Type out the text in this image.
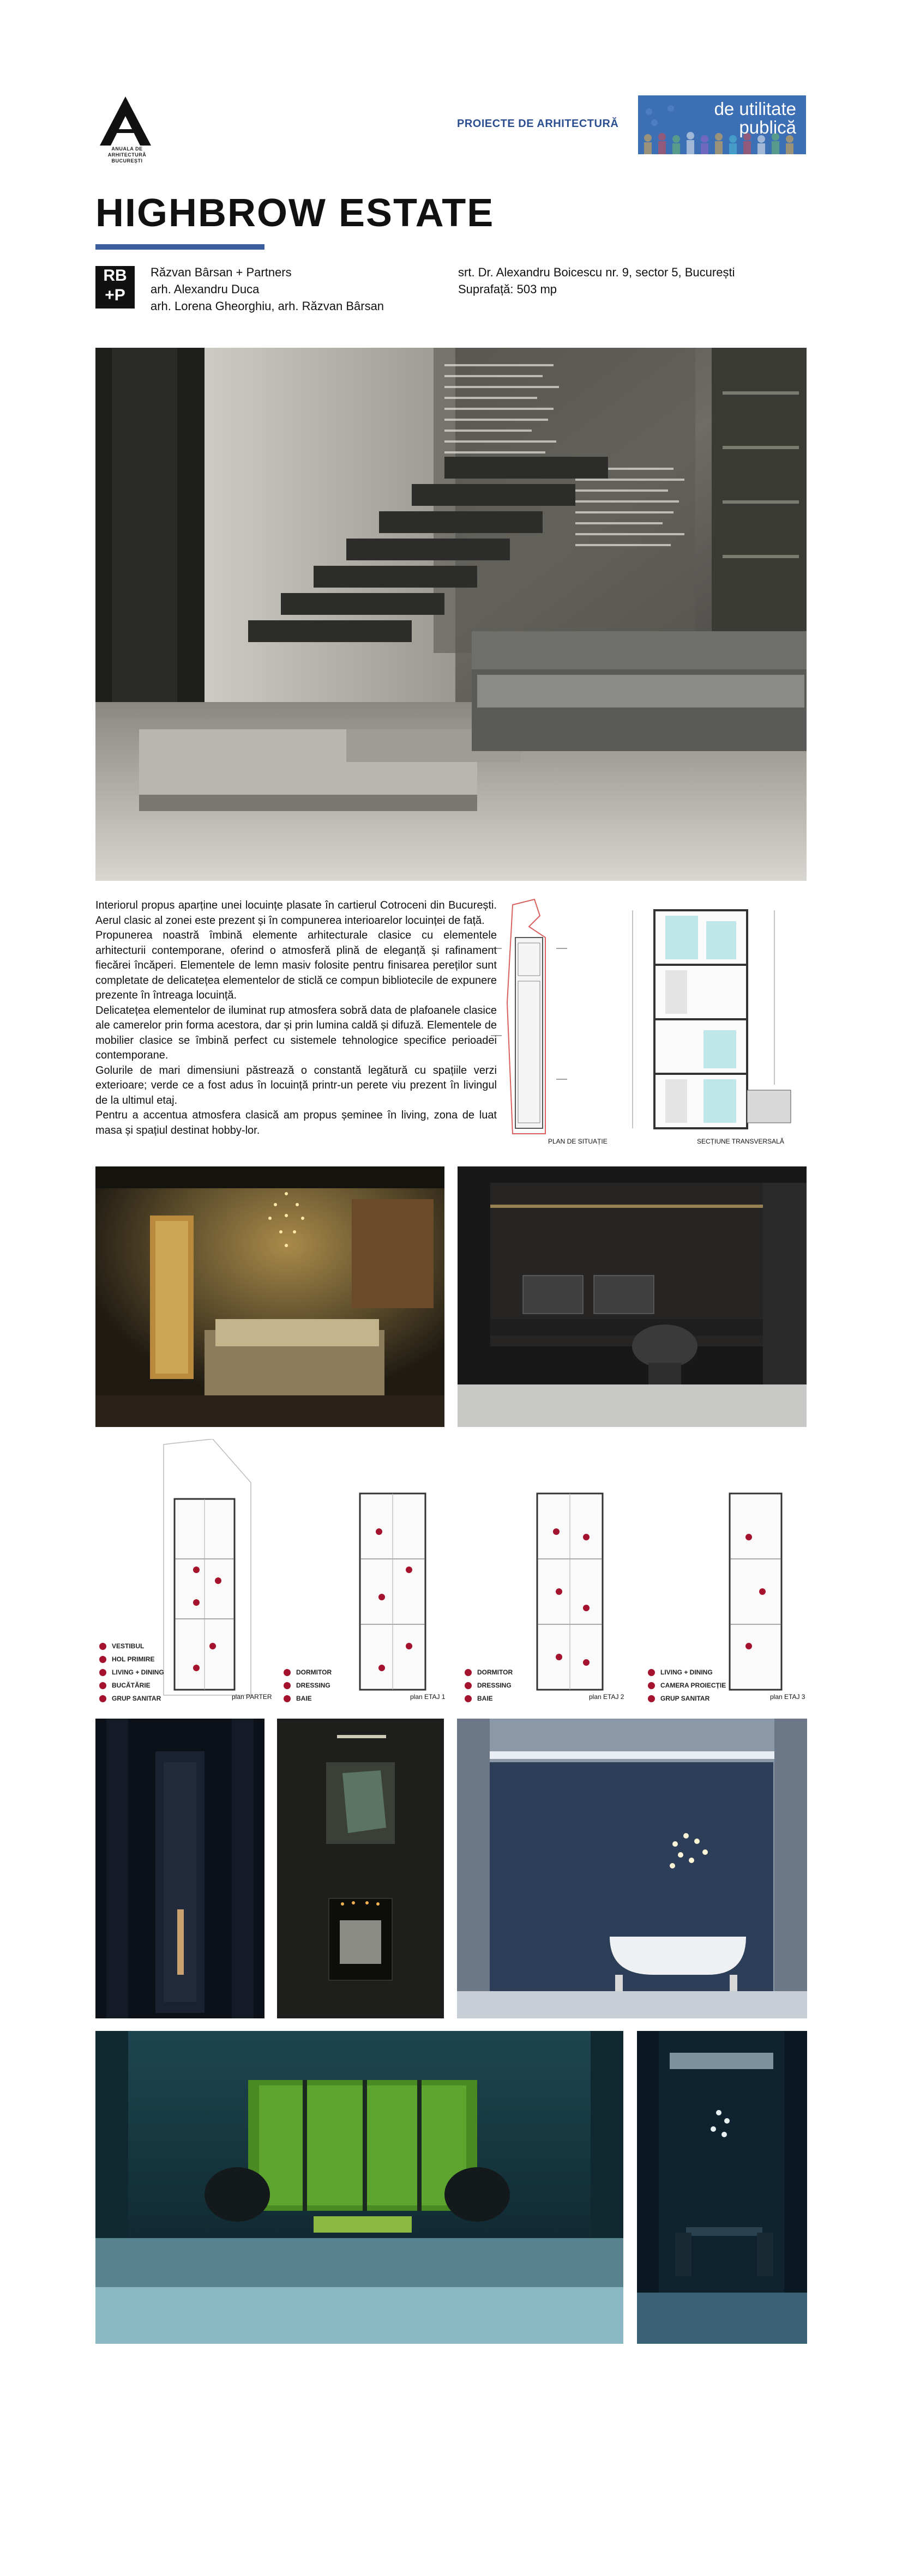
ANUALA DE ARHITECTURĂ
BUCUREȘTI
PROIECTE DE ARHITECTURĂ
de utilitate
publică
HIGHBROW ESTATE
RB
+P
Răzvan Bârsan + Partners
arh. Alexandru Duca
arh. Lorena Gheorghiu, arh. Răzvan Bârsan
srt. Dr. Alexandru Boicescu nr. 9, sector 5, București
Suprafață: 503 mp

Interiorul propus aparține unei locuințe plasate în cartierul Cotroceni din București. Aerul clasic al zonei este prezent și în compunerea interioarelor locuinței de față.

Propunerea noastră îmbină elemente arhitecturale clasice cu elementele arhitecturii contemporane, oferind o atmosferă plină de eleganță și rafinament fiecărei încăperi. Elementele de lemn masiv folosite pentru finisarea pereților sunt completate de delicatețea elementelor de sticlă ce compun bibliotecile de expunere prezente în întreaga locuință.

Delicatețea elementelor de iluminat rup atmosfera sobră data de plafoanele clasice ale camerelor prin forma acestora, dar și prin lumina caldă și difuză. Elementele de mobilier clasice se îmbină perfect cu sistemele tehnologice specifice perioadei contemporane.

Golurile de mari dimensiuni păstrează o constantă legătură cu spațiile verzi exterioare; verde ce a fost adus în locuință printr-un perete viu prezent în livingul de la ultimul etaj.

Pentru a accentua atmosfera clasică am propus șeminee în living, zona de luat masa și spațiul destinat hobby-lor.

PLAN DE SITUAȚIE	SECȚIUNE TRANSVERSALĂ
VESTIBUL
HOL PRIMIRE
LIVING + DINING
BUCĂTĂRIE
GRUP SANITAR	plan PARTER
DORMITOR
DRESSING
BAIE	plan ETAJ 1
DORMITOR
DRESSING
BAIE	plan ETAJ 2
LIVING + DINING
CAMERA PROIECȚIE
GRUP SANITAR	plan ETAJ 3
